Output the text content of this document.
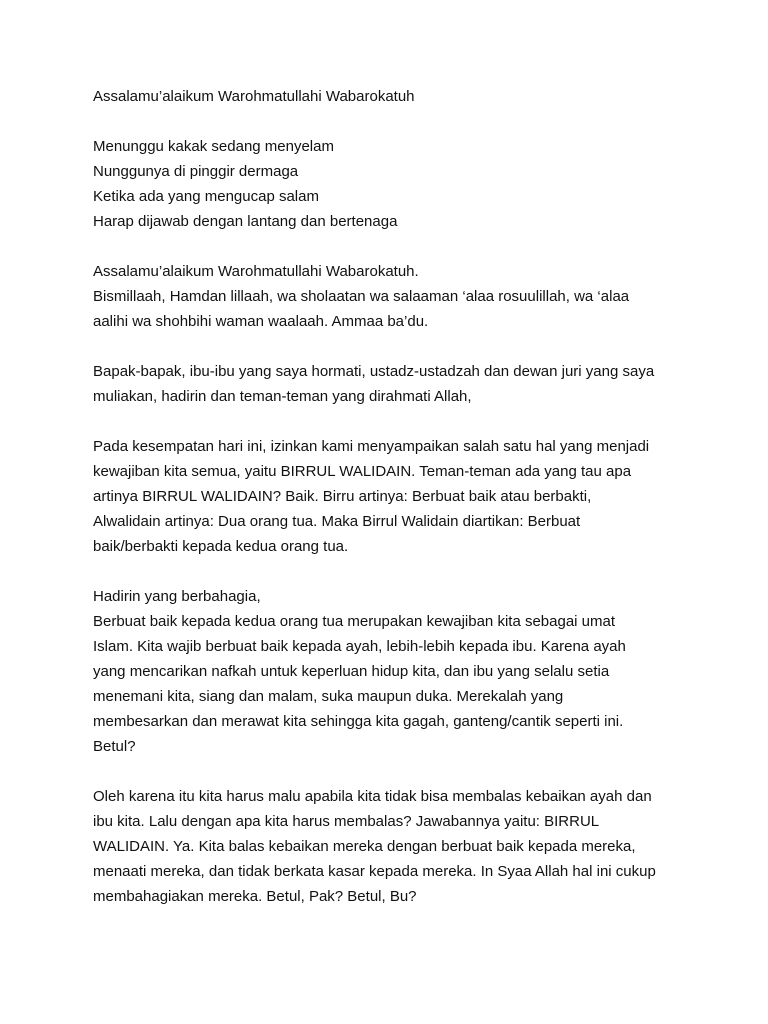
Assalamu’alaikum Warohmatullahi Wabarokatuh

Menunggu kakak sedang menyelam
Nunggunya di pinggir dermaga
Ketika ada yang mengucap salam
Harap dijawab dengan lantang dan bertenaga

Assalamu’alaikum Warohmatullahi Wabarokatuh.
Bismillaah, Hamdan lillaah, wa sholaatan wa salaaman ‘alaa rosuulillah, wa ‘alaa
aalihi wa shohbihi waman waalaah. Ammaa ba’du.

Bapak-bapak, ibu-ibu yang saya hormati, ustadz-ustadzah dan dewan juri yang saya
muliakan, hadirin dan teman-teman yang dirahmati Allah,

Pada kesempatan hari ini, izinkan kami menyampaikan salah satu hal yang menjadi
kewajiban kita semua, yaitu BIRRUL WALIDAIN. Teman-teman ada yang tau apa
artinya BIRRUL WALIDAIN? Baik. Birru artinya: Berbuat baik atau berbakti,
Alwalidain artinya: Dua orang tua. Maka Birrul Walidain diartikan: Berbuat
baik/berbakti kepada kedua orang tua.

Hadirin yang berbahagia,
Berbuat baik kepada kedua orang tua merupakan kewajiban kita sebagai umat
Islam. Kita wajib berbuat baik kepada ayah, lebih-lebih kepada ibu. Karena ayah
yang mencarikan nafkah untuk keperluan hidup kita, dan ibu yang selalu setia
menemani kita, siang dan malam, suka maupun duka. Merekalah yang
membesarkan dan merawat kita sehingga kita gagah, ganteng/cantik seperti ini.
Betul?

Oleh karena itu kita harus malu apabila kita tidak bisa membalas kebaikan ayah dan
ibu kita. Lalu dengan apa kita harus membalas? Jawabannya yaitu: BIRRUL
WALIDAIN. Ya. Kita balas kebaikan mereka dengan berbuat baik kepada mereka,
menaati mereka, dan tidak berkata kasar kepada mereka. In Syaa Allah hal ini cukup
membahagiakan mereka. Betul, Pak? Betul, Bu?
